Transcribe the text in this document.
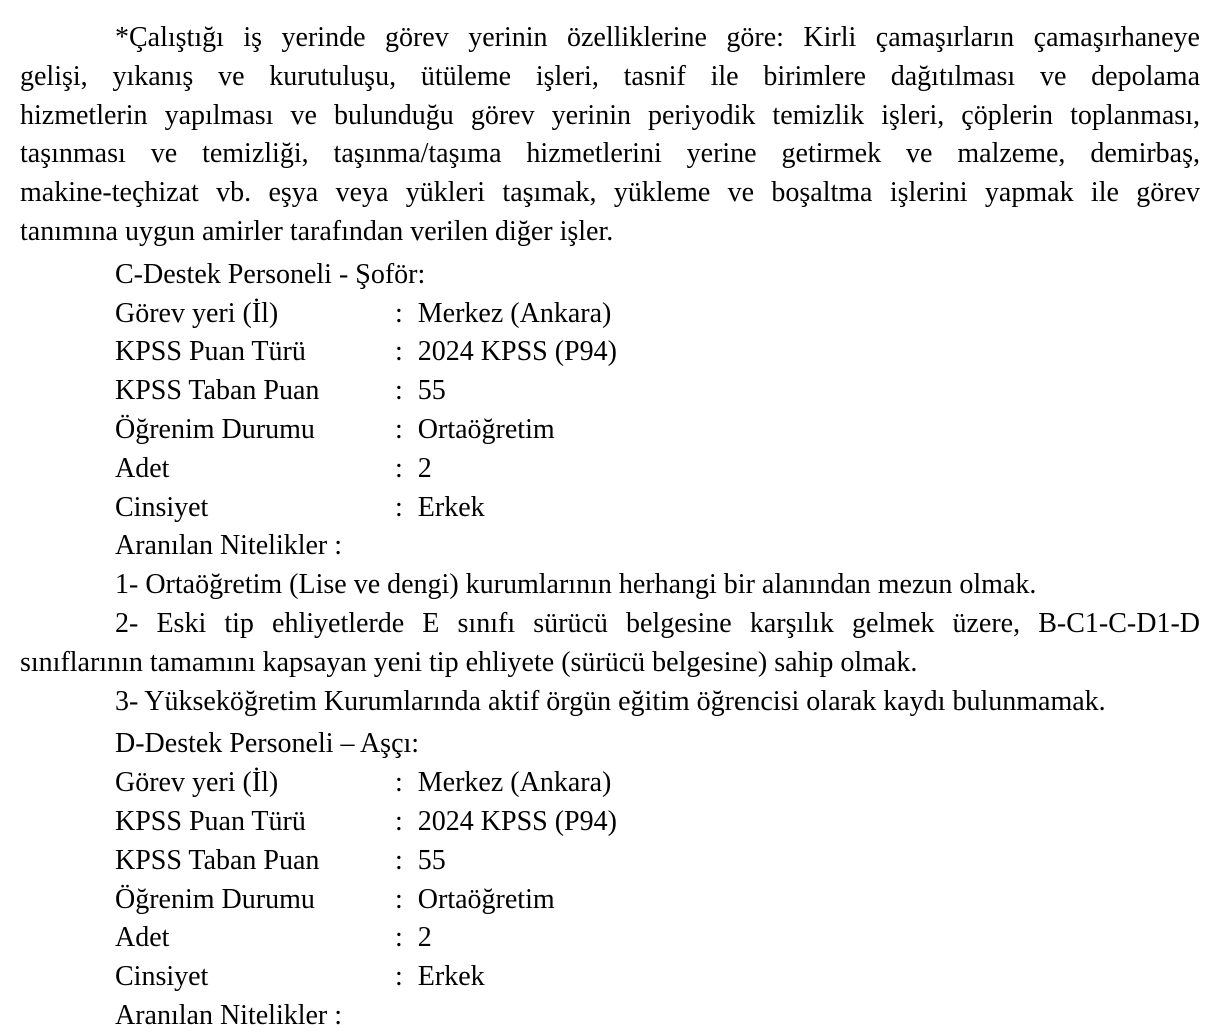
*Çalıştığı iş yerinde görev yerinin özelliklerine göre: Kirli çamaşırların çamaşırhaneye
gelişi, yıkanış ve kurutuluşu, ütüleme işleri, tasnif ile birimlere dağıtılması ve depolama
hizmetlerin yapılması ve bulunduğu görev yerinin periyodik temizlik işleri, çöplerin toplanması,
taşınması ve temizliği, taşınma/taşıma hizmetlerini yerine getirmek ve malzeme, demirbaş,
makine-teçhizat vb. eşya veya yükleri taşımak, yükleme ve boşaltma işlerini yapmak ile görev
tanımına uygun amirler tarafından verilen diğer işler.
C-Destek Personeli - Şoför:
Görev yeri (İl)	: Merkez (Ankara)
KPSS Puan Türü	: 2024 KPSS (P94)
KPSS Taban Puan	: 55
Öğrenim Durumu	: Ortaöğretim
Adet	: 2
Cinsiyet	: Erkek
Aranılan Nitelikler :
1- Ortaöğretim (Lise ve dengi) kurumlarının herhangi bir alanından mezun olmak.
2- Eski tip ehliyetlerde E sınıfı sürücü belgesine karşılık gelmek üzere, B-C1-C-D1-D
sınıflarının tamamını kapsayan yeni tip ehliyete (sürücü belgesine) sahip olmak.
3- Yükseköğretim Kurumlarında aktif örgün eğitim öğrencisi olarak kaydı bulunmamak.
D-Destek Personeli – Aşçı:
Görev yeri (İl)	: Merkez (Ankara)
KPSS Puan Türü	: 2024 KPSS (P94)
KPSS Taban Puan	: 55
Öğrenim Durumu	: Ortaöğretim
Adet	: 2
Cinsiyet	: Erkek
Aranılan Nitelikler :
